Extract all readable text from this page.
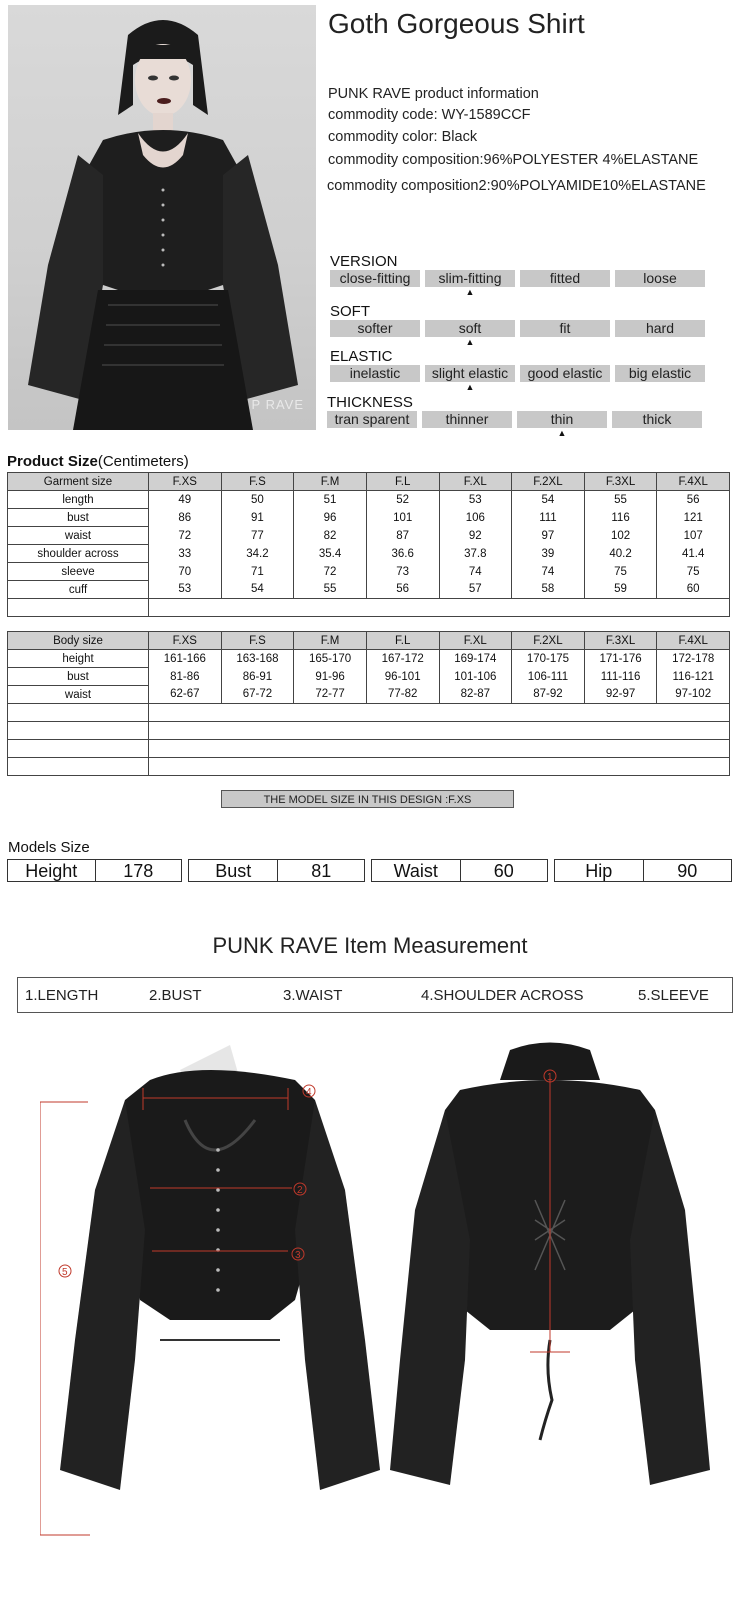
P RAVE
Goth Gorgeous Shirt
PUNK RAVE product information
commodity code: WY-1589CCF
commodity color: Black
commodity composition:96%POLYESTER 4%ELASTANE
commodity composition2:90%POLYAMIDE10%ELASTANE
VERSION
close-fitting	slim-fitting	fitted	loose
▲
SOFT
softer	soft	fit	hard
▲
ELASTIC
inelastic	slight elastic	good elastic	big elastic
▲
THICKNESS
tran sparent	thinner	thin	thick
▲
Product Size(Centimeters)
Garment size	F.XS	F.S	F.M	F.L	F.XL	F.2XL	F.3XL	F.4XL
length	49	50	51	52	53	54	55	56
bust	86	91	96	101	106	111	116	121
waist	72	77	82	87	92	97	102	107
shoulder across	33	34.2	35.4	36.6	37.8	39	40.2	41.4
sleeve	70	71	72	73	74	74	75	75
cuff	53	54	55	56	57	58	59	60

Body size	F.XS	F.S	F.M	F.L	F.XL	F.2XL	F.3XL	F.4XL
height	161-166	163-168	165-170	167-172	169-174	170-175	171-176	172-178
bust	81-86	86-91	91-96	96-101	101-106	106-111	111-116	116-121
waist	62-67	67-72	72-77	77-82	82-87	87-92	92-97	97-102

THE MODEL SIZE IN THIS DESIGN :F.XS
Models Size
Height	178	Bust	81	Waist	60	Hip	90
PUNK RAVE Item Measurement
1.LENGTH	2.BUST	3.WAIST	4.SHOULDER ACROSS	5.SLEEVE
4
2
3
5
1
